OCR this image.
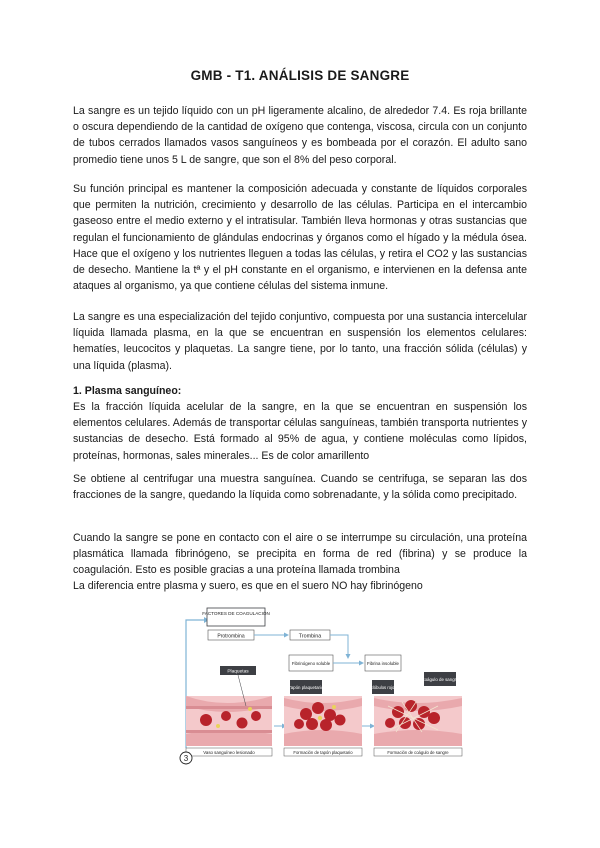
GMB - T1. ANÁLISIS DE SANGRE

La sangre es un tejido líquido con un pH ligeramente alcalino, de alrededor 7.4. Es roja brillante o oscura dependiendo de la cantidad de oxígeno que contenga, viscosa, circula con un conjunto de tubos cerrados llamados vasos sanguíneos y es bombeada por el corazón. El adulto sano promedio tiene unos 5 L de sangre, que son el 8% del peso corporal.

Su función principal es mantener la composición adecuada y constante de líquidos corporales que permiten la nutrición, crecimiento y desarrollo de las células. Participa en el intercambio gaseoso entre el medio externo y el intratisular. También lleva hormonas y otras sustancias que regulan el funcionamiento de glándulas endocrinas y órganos como el hígado y la médula ósea. Hace que el oxígeno y los nutrientes lleguen a todas las células, y retira el CO2 y las sustancias de desecho. Mantiene la tª y el pH constante en el organismo, e intervienen en la defensa ante ataques al organismo, ya que contiene células del sistema inmune.

La sangre es una especialización del tejido conjuntivo, compuesta por una sustancia intercelular líquida llamada plasma, en la que se encuentran en suspensión los elementos celulares: hematíes, leucocitos y plaquetas. La sangre tiene, por lo tanto, una fracción sólida (células) y una líquida (plasma).

1. Plasma sanguíneo:

Es la fracción líquida acelular de la sangre, en la que se encuentran en suspensión los elementos celulares. Además de transportar células sanguíneas, también transporta nutrientes y sustancias de desecho. Está formado al 95% de agua, y contiene moléculas como lípidos, proteínas, hormonas, sales minerales... Es de color amarillento

Se obtiene al centrifugar una muestra sanguínea. Cuando se centrifuga, se separan las dos fracciones de la sangre, quedando la líquida como sobrenadante, y la sólida como precipitado.

Cuando la sangre se pone en contacto con el aire o se interrumpe su circulación, una proteína plasmática llamada fibrinógeno, se precipita en forma de red (fibrina) y se produce la coagulación. Esto es posible gracias a una proteína llamada trombina

La diferencia entre plasma y suero, es que en el suero NO hay fibrinógeno

FACTORES DE COAGULACIÓN
Protrombina	Trombina
Fibrinógeno soluble	Fibrina insoluble
Plaquetas
Vaso sanguíneo lesionado
Tapón plaquetario
Formación de tapón plaquetario
Coágulo de sangre
Glóbulos rojos
Formación de coágulo de sangre
3
